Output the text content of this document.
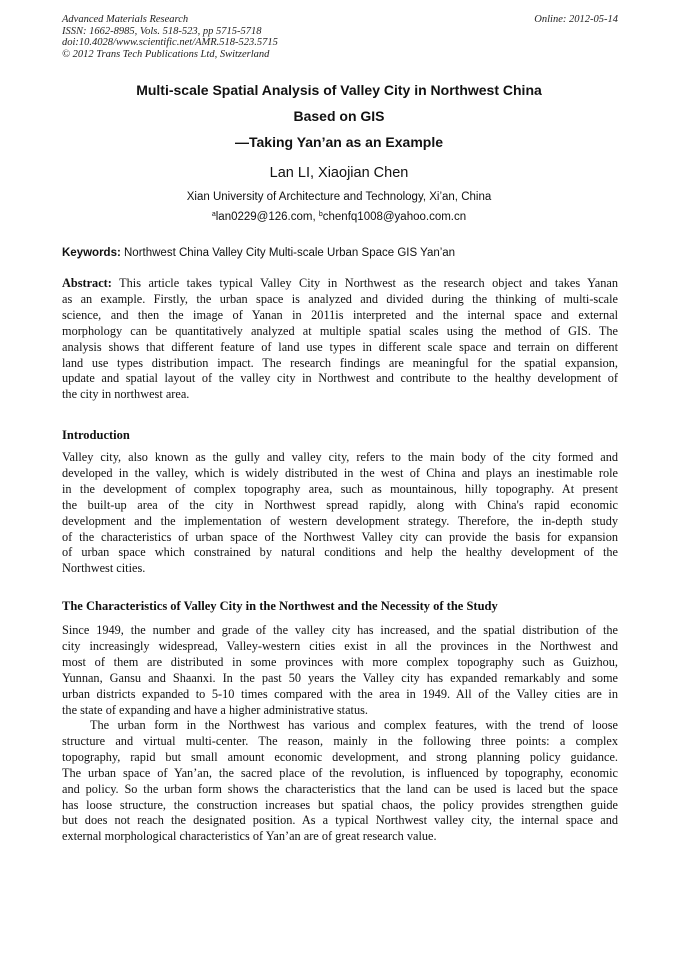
Advanced Materials Research
ISSN: 1662-8985, Vols. 518-523, pp 5715-5718
doi:10.4028/www.scientific.net/AMR.518-523.5715
© 2012 Trans Tech Publications Ltd, Switzerland
Online: 2012-05-14
Multi-scale Spatial Analysis of Valley City in Northwest China
Based on GIS
—Taking Yan’an as an Example
Lan LI, Xiaojian Chen
Xian University of Architecture and Technology, Xi’an, China
$^a$lan0229@126.com, $^b$chenfq1008@yahoo.com.cn
Keywords: Northwest China Valley City Multi-scale Urban Space GIS Yan’an
Abstract: This article takes typical Valley City in Northwest as the research object and takes Yanan
as an example. Firstly, the urban space is analyzed and divided during the thinking of multi-scale
science, and then the image of Yanan in 2011is interpreted and the internal space and external
morphology can be quantitatively analyzed at multiple spatial scales using the method of GIS. The
analysis shows that different feature of land use types in different scale space and terrain on different
land use types distribution impact. The research findings are meaningful for the spatial expansion,
update and spatial layout of the valley city in Northwest and contribute to the healthy development of
the city in northwest area.
Introduction
Valley city, also known as the gully and valley city, refers to the main body of the city formed and
developed in the valley, which is widely distributed in the west of China and plays an inestimable role
in the development of complex topography area, such as mountainous, hilly topography. At present
the built-up area of the city in Northwest spread rapidly, along with China's rapid economic
development and the implementation of western development strategy. Therefore, the in-depth study
of the characteristics of urban space of the Northwest Valley city can provide the basis for expansion
of urban space which constrained by natural conditions and help the healthy development of the
Northwest cities.
The Characteristics of Valley City in the Northwest and the Necessity of the Study
Since 1949, the number and grade of the valley city has increased, and the spatial distribution of the
city increasingly widespread, Valley-western cities exist in all the provinces in the Northwest and
most of them are distributed in some provinces with more complex topography such as Guizhou,
Yunnan, Gansu and Shaanxi. In the past 50 years the Valley city has expanded remarkably and some
urban districts expanded to 5-10 times compared with the area in 1949. All of the Valley cities are in
the state of expanding and have a higher administrative status.
The urban form in the Northwest has various and complex features, with the trend of loose
structure and virtual multi-center. The reason, mainly in the following three points: a complex
topography, rapid but small amount economic development, and strong planning policy guidance.
The urban space of Yan’an, the sacred place of the revolution, is influenced by topography, economic
and policy. So the urban form shows the characteristics that the land can be used is laced but the space
has loose structure, the construction increases but spatial chaos, the policy provides strengthen guide
but does not reach the designated position. As a typical Northwest valley city, the internal space and
external morphological characteristics of Yan’an are of great research value.
